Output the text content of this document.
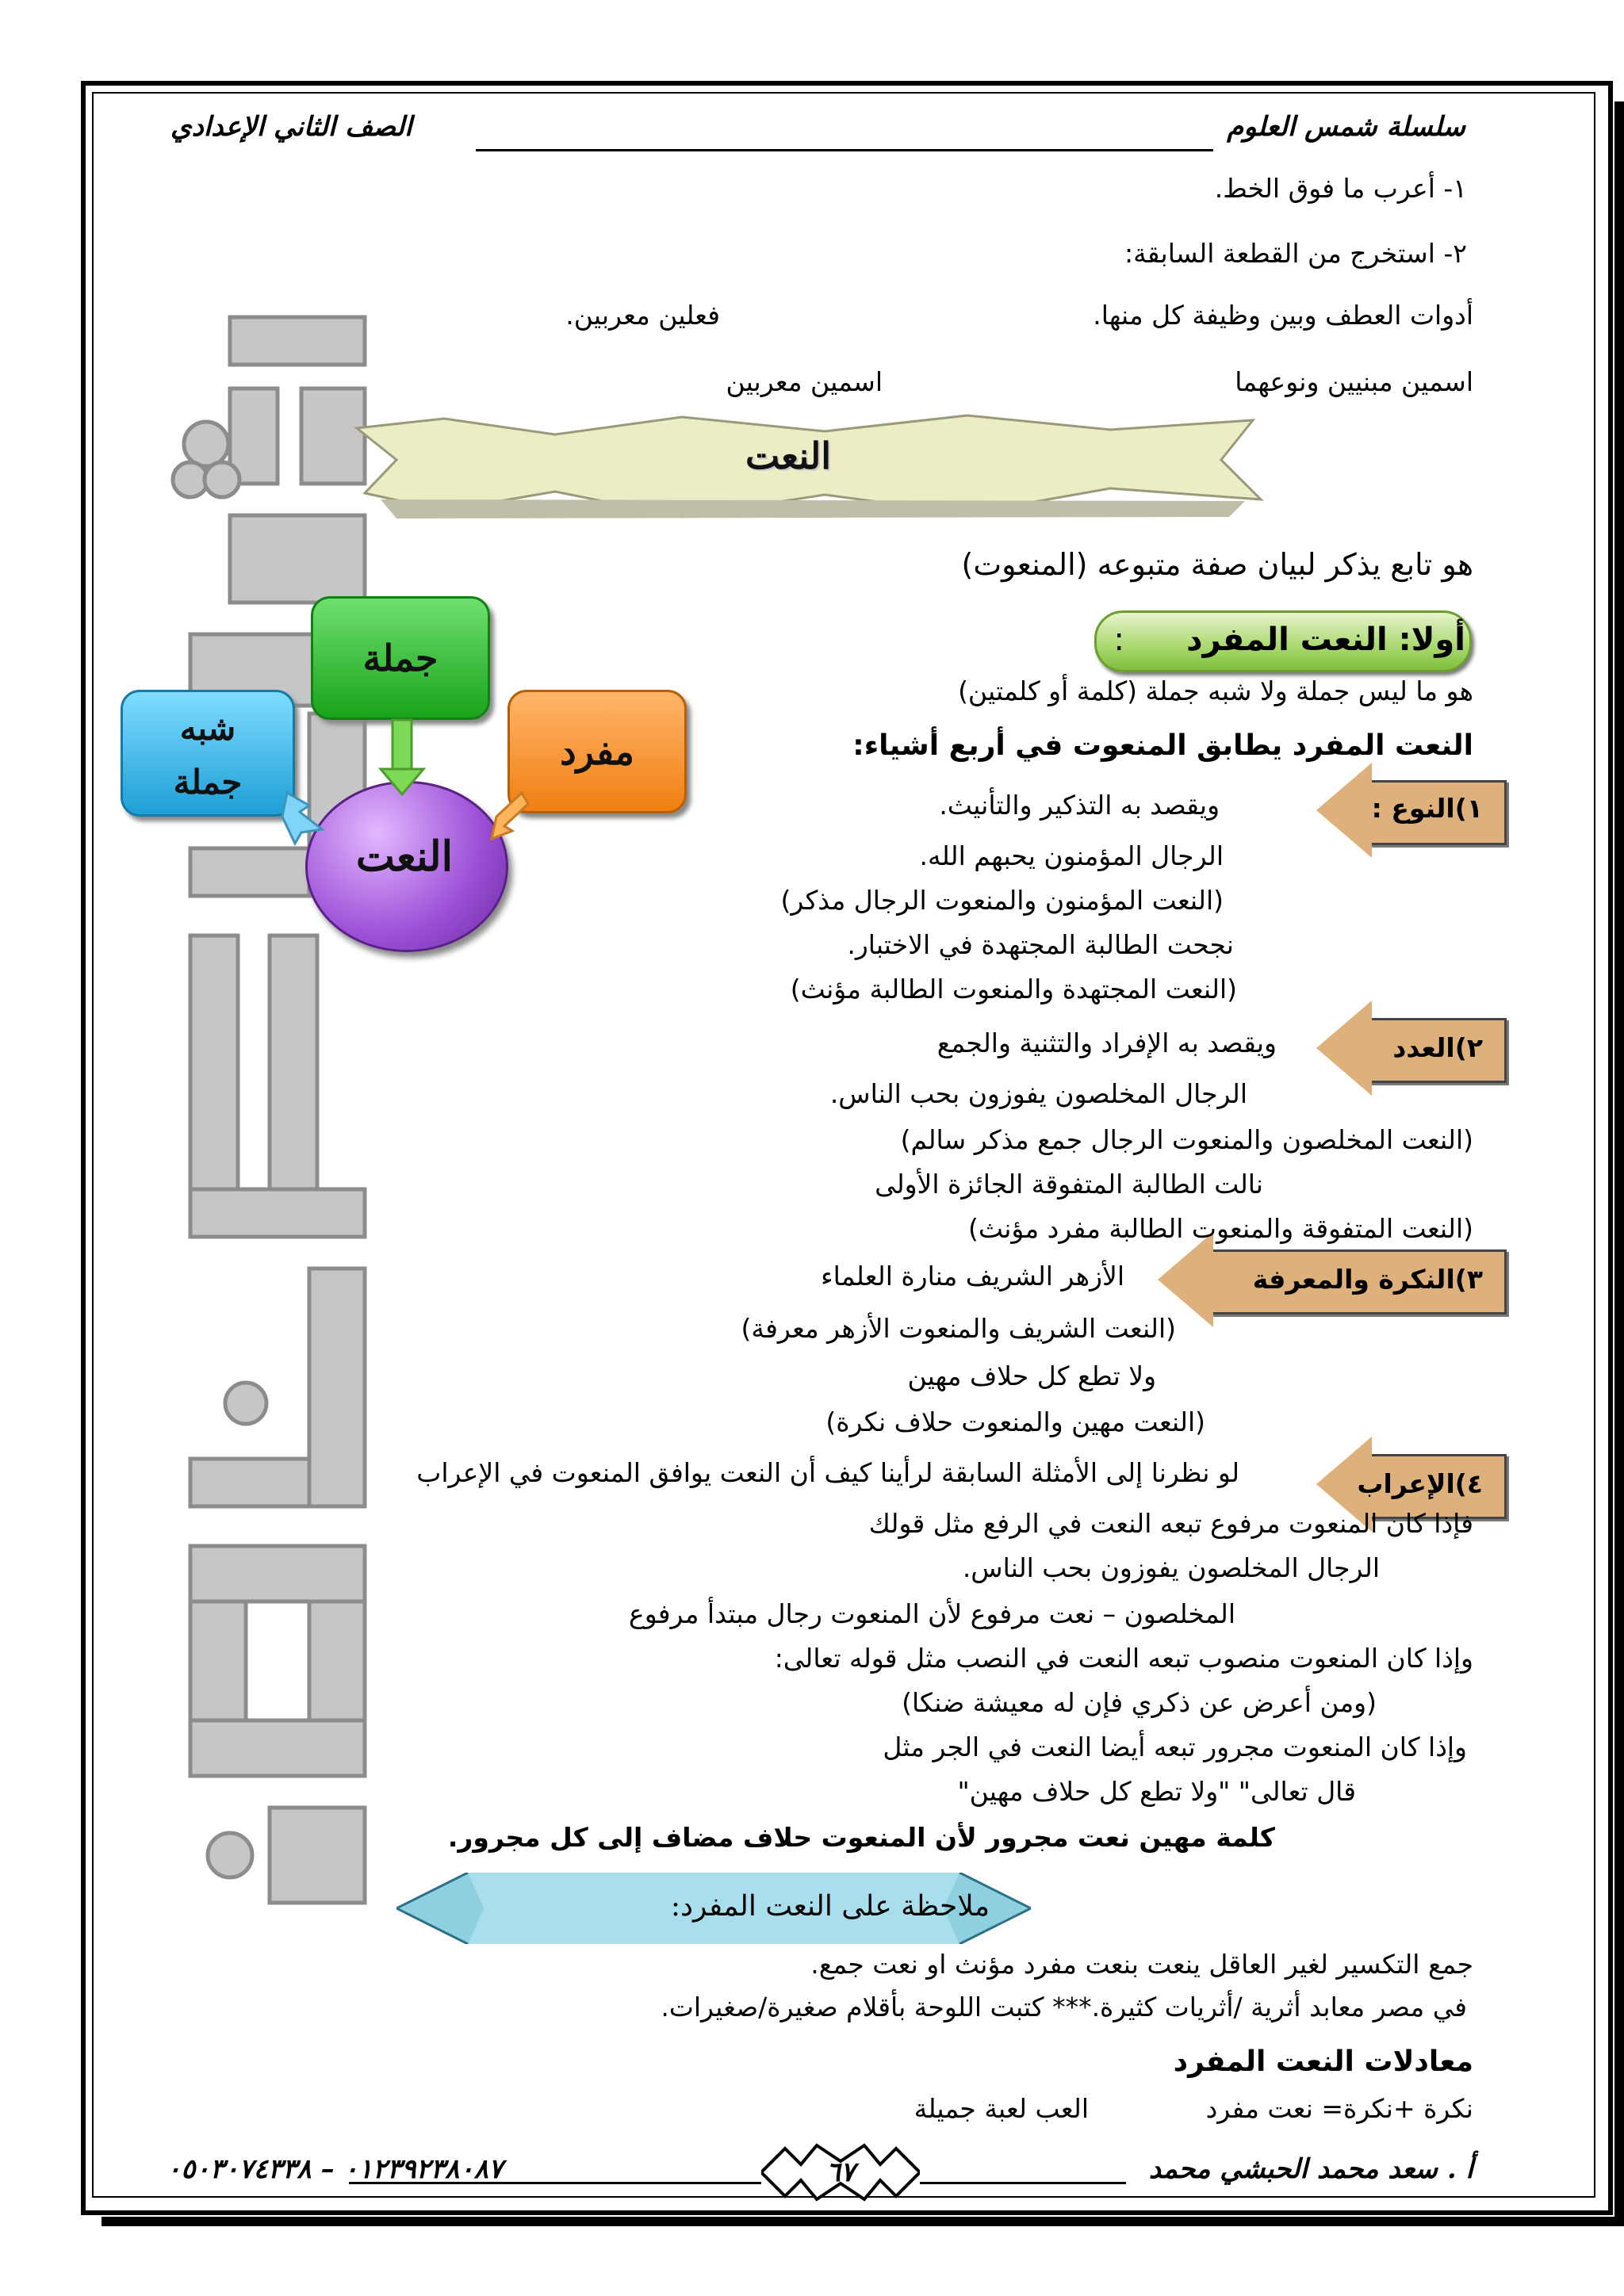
سلسلة شمس العلوم
الصف الثاني الإعدادي
١- أعرب ما فوق الخط.
٢- استخرج من القطعة السابقة:
أدوات العطف وبين وظيفة كل منها.
فعلين معربين.
اسمين مبنيين ونوعهما
اسمين معربين
النعت
هو تابع يذكر لبيان صفة متبوعه (المنعوت)
أولا: النعت المفرد
:
هو ما ليس جملة ولا شبه جملة (كلمة أو كلمتين)
النعت المفرد يطابق المنعوت في أربع أشياء:
جملة
مفرد
شبه
جملة
النعت
١)النوع :
ويقصد به التذكير والتأنيث.
٢)العدد
ويقصد به الإفراد والتثنية والجمع
٣)النكرة والمعرفة
الأزهر الشريف منارة العلماء
٤)الإعراب
لو نظرنا إلى الأمثلة السابقة لرأينا كيف أن النعت يوافق المنعوت في الإعراب
الرجال المؤمنون يحبهم الله.
(النعت المؤمنون والمنعوت الرجال مذكر)
نجحت الطالبة المجتهدة في الاختبار.
(النعت المجتهدة والمنعوت الطالبة مؤنث)
الرجال المخلصون يفوزون بحب الناس.
(النعت المخلصون والمنعوت الرجال جمع مذكر سالم)
نالت الطالبة المتفوقة الجائزة الأولى
(النعت المتفوقة والمنعوت الطالبة مفرد مؤنث)
(النعت الشريف والمنعوت الأزهر معرفة)
ولا تطع كل حلاف مهين
(النعت مهين والمنعوت حلاف نكرة)
فإذا كان المنعوت مرفوع تبعه النعت في الرفع مثل قولك
الرجال المخلصون يفوزون بحب الناس.
المخلصون – نعت مرفوع لأن المنعوت رجال مبتدأ مرفوع
وإذا كان المنعوت منصوب تبعه النعت في النصب مثل قوله تعالى:
(ومن أعرض عن ذكري فإن له معيشة ضنكا)
وإذا كان المنعوت مجرور تبعه أيضا النعت في الجر مثل
قال تعالى" "ولا تطع كل حلاف مهين"
كلمة مهين نعت مجرور لأن المنعوت حلاف مضاف إلى كل مجرور.
ملاحظة على النعت المفرد:
جمع التكسير لغير العاقل ينعت بنعت مفرد مؤنث او نعت جمع.
في مصر معابد أثرية /أثريات كثيرة.*** كتبت اللوحة بأقلام صغيرة/صغيرات.
معادلات النعت المفرد
نكرة +نكرة= نعت مفرد
العب لعبة جميلة
أ . سعد محمد الحبشي محمد
٦٧
٠١٢٣٩٢٣٨٠٨٧ – ٠٥٠٣٠٧٤٣٣٨
